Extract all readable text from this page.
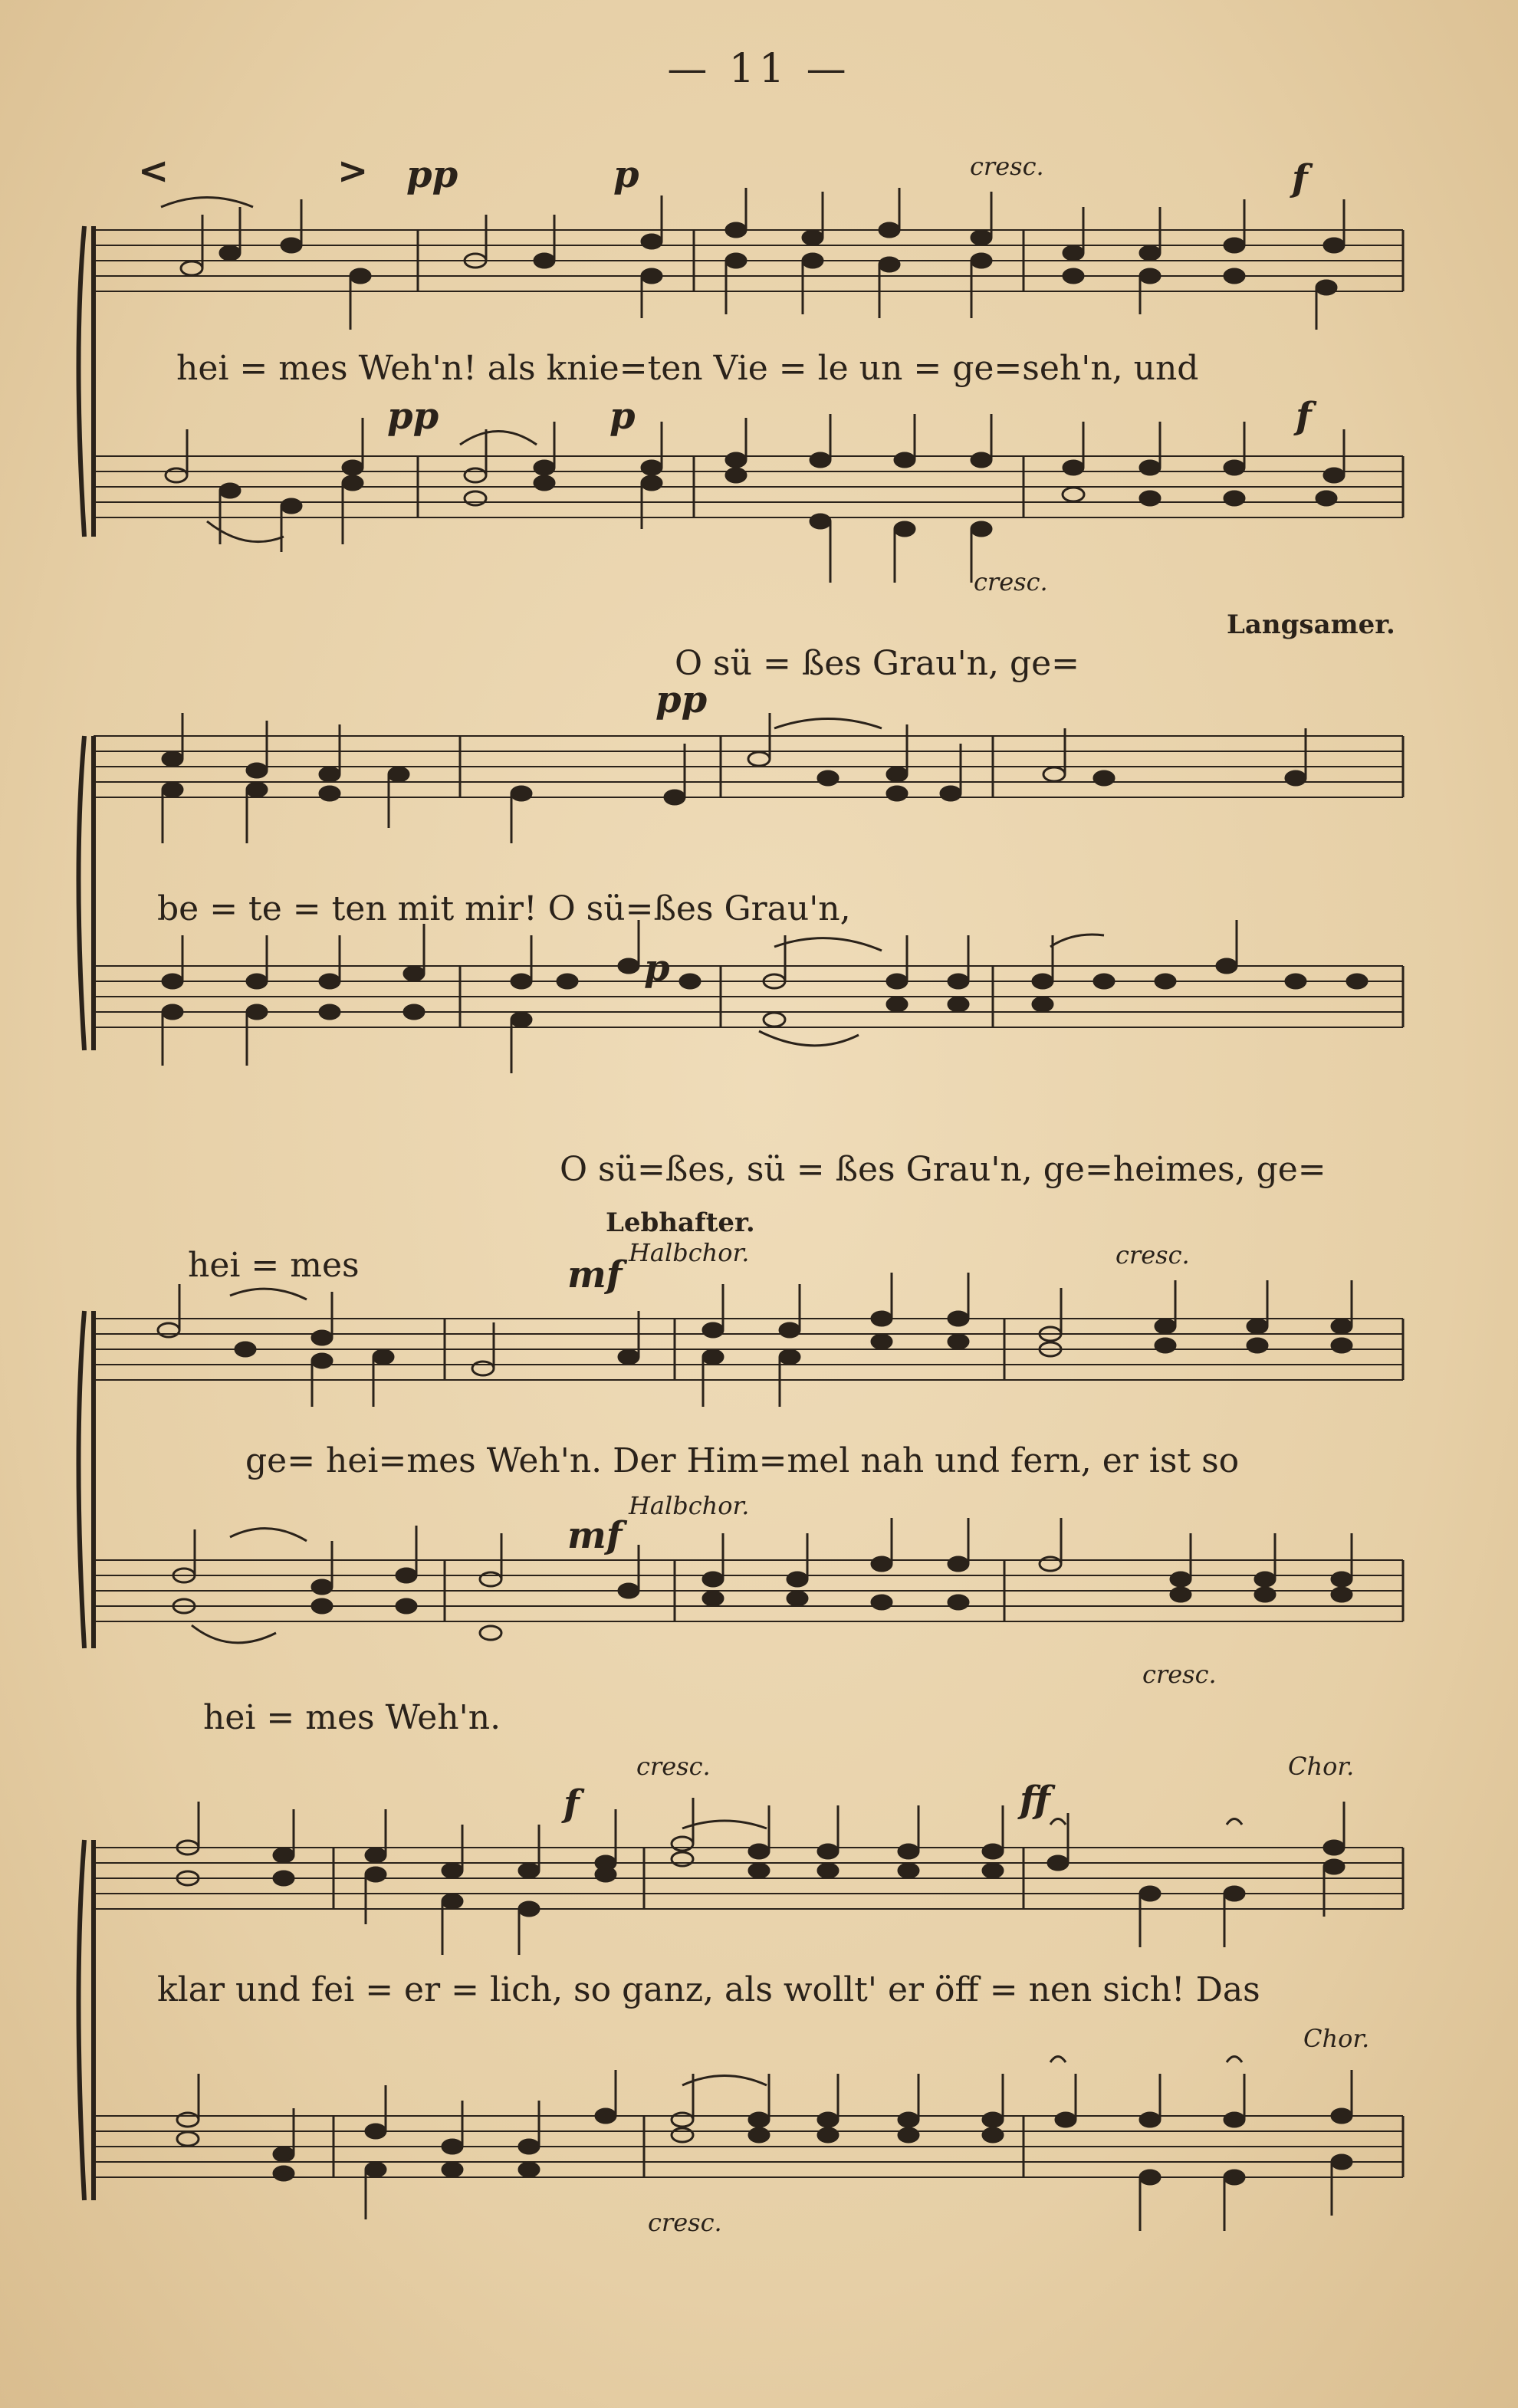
— 11 —
<	> pp	p	cresc.	f
hei = mes Weh'n! als knie=ten Vie = le un = ge=seh'n, und
pp	p	f
cresc.
Langsamer.
O sü = ßes Grau'n, ge=
pp
be = te = ten mit mir! O sü=ßes Grau'n,
p
O sü=ßes, sü = ßes Grau'n, ge=heimes, ge=
Lebhafter.
hei = mes	mf
Halbchor.	cresc.
ge= hei=mes Weh'n. Der Him=mel nah und fern, er ist so
Halbchor.
mf
hei = mes Weh'n.
cresc.
cresc.	Chor.
f	ff
klar und fei = er = lich, so ganz, als wollt' er öff = nen sich! Das
Chor.
cresc.
